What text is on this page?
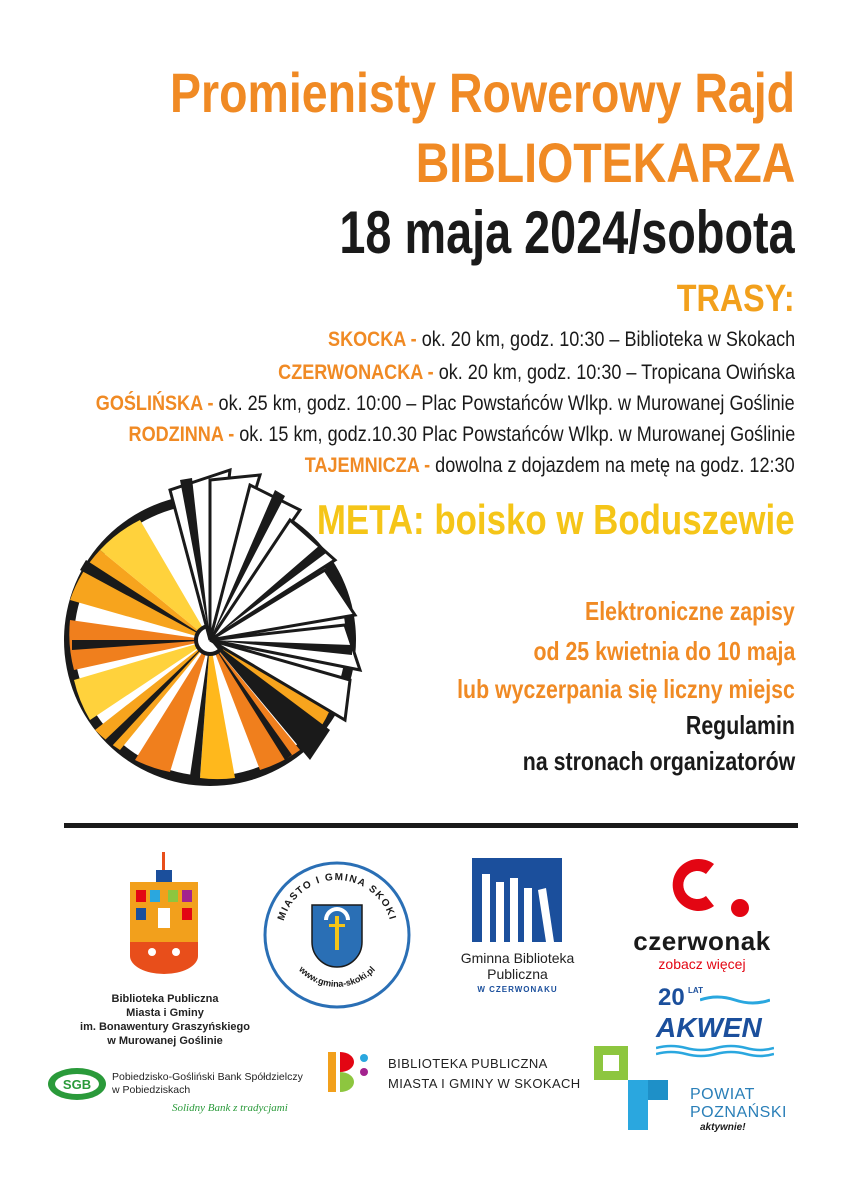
Promienisty Rowerowy Rajd
BIBLIOTEKARZA
18 maja 2024/sobota
TRASY:
SKOCKA - ok. 20 km, godz. 10:30 – Biblioteka w Skokach
CZERWONACKA - ok. 20 km, godz. 10:30 – Tropicana Owińska
GOŚLIŃSKA - ok. 25 km, godz. 10:00 – Plac Powstańców Wlkp. w Murowanej Goślinie
RODZINNA - ok. 15 km, godz.10.30 Plac Powstańców Wlkp. w Murowanej Goślinie
TAJEMNICZA - dowolna z dojazdem na metę na godz. 12:30
META: boisko w Boduszewie
Elektroniczne zapisy
od 25 kwietnia do 10 maja
lub wyczerpania się liczny miejsc
Regulamin
na stronach organizatorów
Biblioteka Publiczna
Miasta i Gminy
im. Bonawentury Graszyńskiego
w Murowanej Goślinie
MIASTO I GMINA SKOKI
www.gmina-skoki.pl
Gminna Biblioteka
Publiczna
W CZERWONAKU
czerwonak
zobacz więcej
20 LAT
AKWEN
SGB Pobiedzisko-Gośliński Bank Spółdzielczy
w Pobiedziskach
Solidny Bank z tradycjami
BIBLIOTEKA PUBLICZNA
MIASTA I GMINY W SKOKACH
POWIAT
POZNAŃSKI
aktywnie!
